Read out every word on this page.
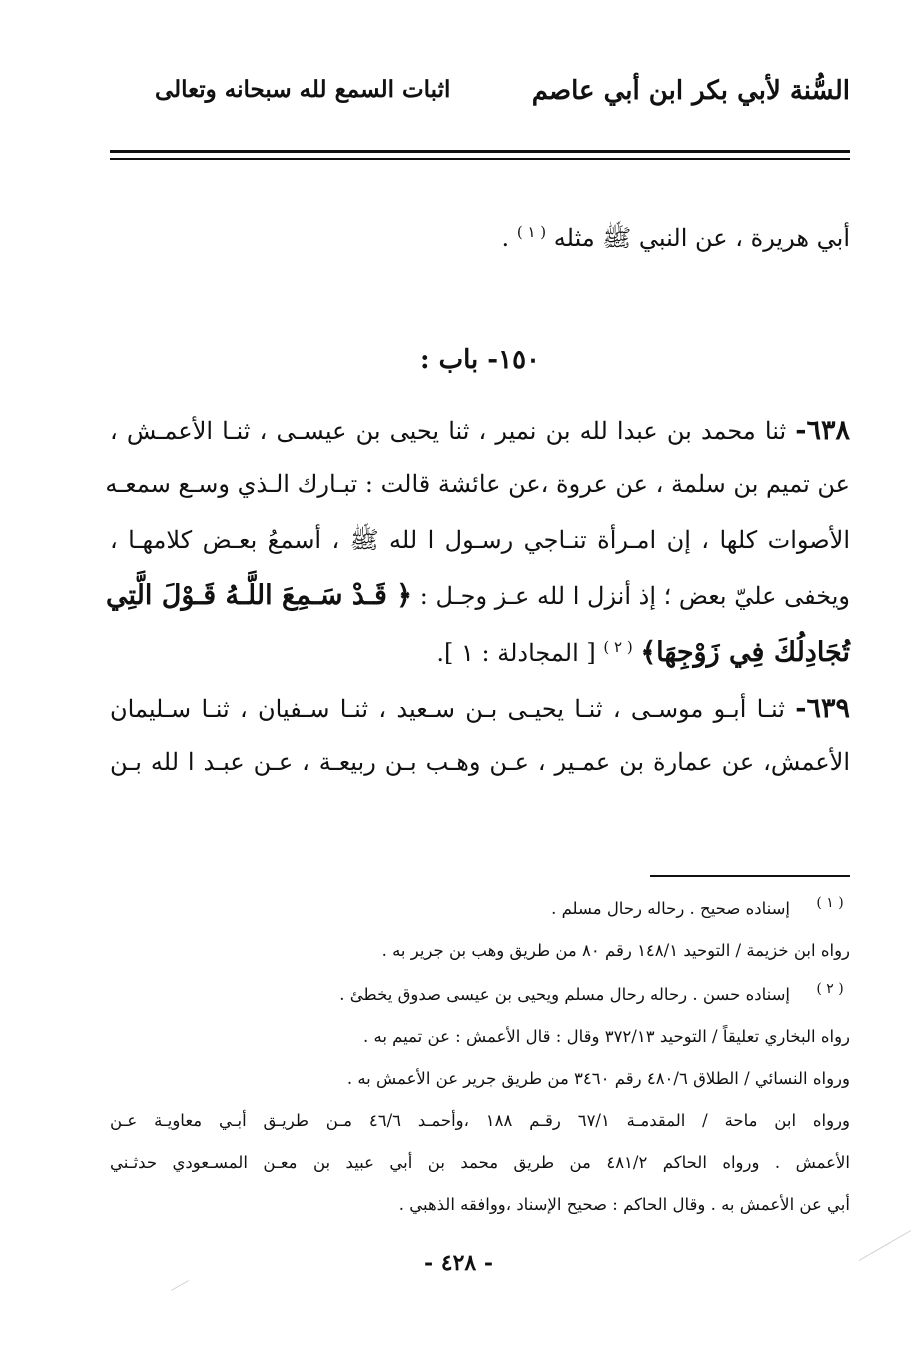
السُّنة لأبي بكر ابن أبي عاصم
اثبات السمع لله سبحانه وتعالى
أبي هريرة ، عن النبي ﷺ مثله $^{( ١ )}$ .
١٥٠- باب :
٦٣٨- ثنا محمد بن عبدا لله بن نمير ، ثنا يحيى بن عيسـى ، ثنـا الأعمـش ،
عن تميم بن سلمة ، عن عروة ،عن عائشة قالت : تبـارك الـذي وسـع سمعـه
الأصوات كلها ، إن امـرأة تنـاجي رسـول ا لله ﷺ ، أسمعُ بعـض كلامهـا ،
ويخفى عليّ بعض ؛ إذ أنزل ا لله عـز وجـل : ﴿ قَـدْ سَـمِعَ اللَّـهُ قَـوْلَ الَّتِي
تُجَادِلُكَ فِي زَوْجِهَا﴾ $^{( ٢ )}$ [ المجادلة : ١ ].
٦٣٩- ثنـا أبـو موسـى ، ثنـا يحيـى بـن سـعيد ، ثنـا سـفيان ، ثنـا سـليمان
الأعمش، عن عمارة بن عمـير ، عـن وهـب بـن ربيعـة ، عـن عبـد ا لله بـن
( ١ )
إسناده صحيح . رحاله رحال مسلم .
رواه ابن خزيمة / التوحيد ١٤٨/١ رقم ٨٠ من طريق وهب بن جرير به .
( ٢ )
إسناده حسن . رحاله رحال مسلم ويحيى بن عيسى صدوق يخطئ .
رواه البخاري تعليقاً / التوحيد ٣٧٢/١٣ وقال : قال الأعمش : عن تميم به .
ورواه النسائي / الطلاق ٤٨٠/٦ رقم ٣٤٦٠ من طريق جرير عن الأعمش به .
ورواه ابن ماحة / المقدمـة ٦٧/١ رقـم ١٨٨ ،وأحمـد ٤٦/٦ مـن طريـق أبـي معاويـة عـن
الأعمش . ورواه الحاكم ٤٨١/٢ من طريق محمد بن أبي عبيد بن معـن المسـعودي حدثـني
أبي عن الأعمش به . وقال الحاكم : صحيح الإسناد ،ووافقه الذهبي .
- ٤٢٨ -
